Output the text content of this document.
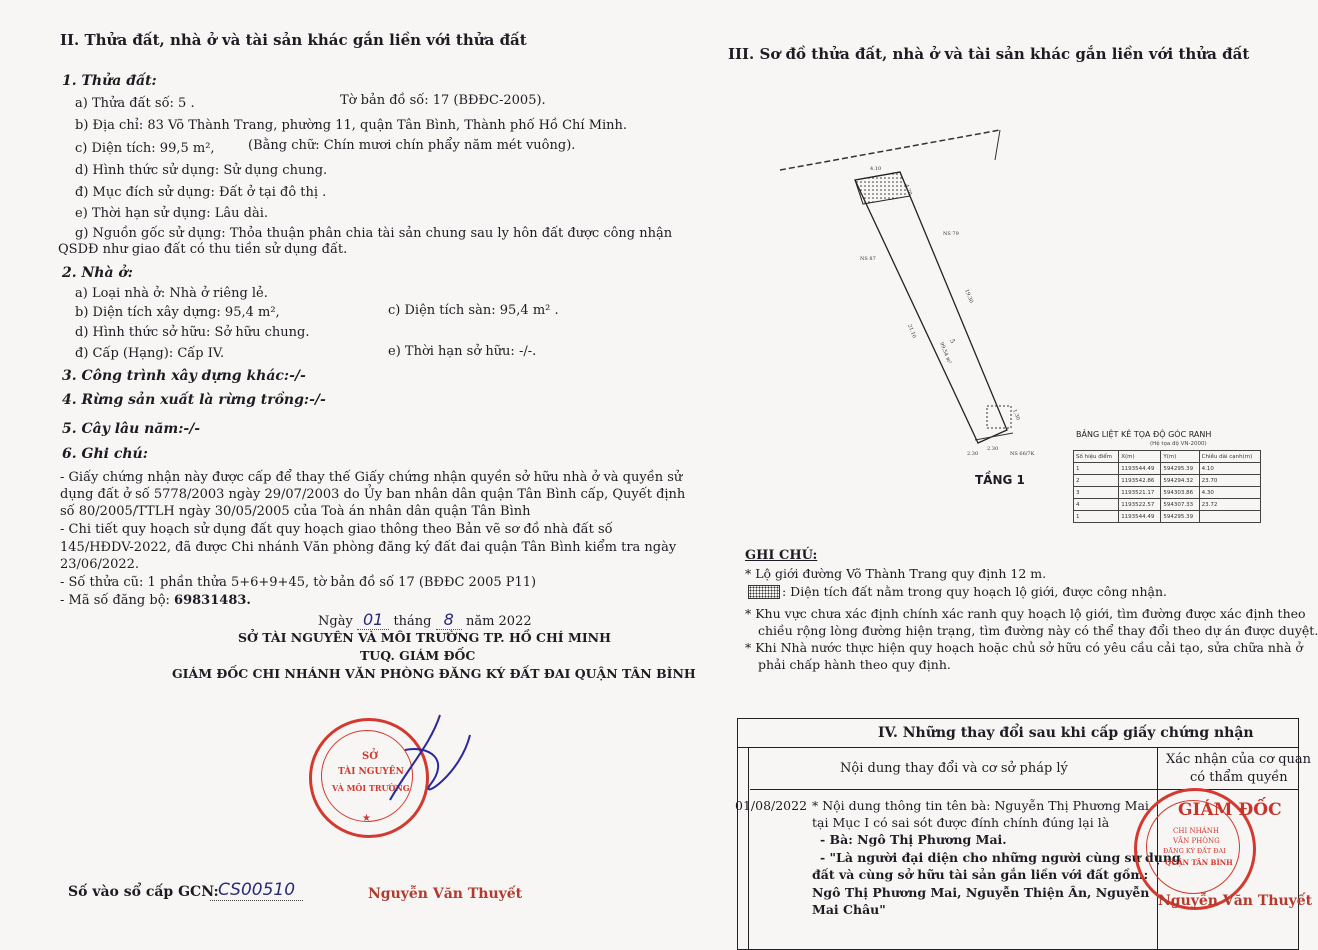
II. Thửa đất, nhà ở và tài sản khác gắn liền với thửa đất
1. Thửa đất:
a) Thửa đất số: 5 .	Tờ bản đồ số: 17 (BĐĐC-2005).
b) Địa chỉ: 83 Võ Thành Trang, phường 11, quận Tân Bình, Thành phố Hồ Chí Minh.
c) Diện tích: 99,5 m²,	(Bằng chữ: Chín mươi chín phẩy năm mét vuông).
d) Hình thức sử dụng: Sử dụng chung.
đ) Mục đích sử dụng: Đất ở tại đô thị .
e) Thời hạn sử dụng: Lâu dài.
g) Nguồn gốc sử dụng: Thỏa thuận phân chia tài sản chung sau ly hôn đất được công nhận
QSDĐ như giao đất có thu tiền sử dụng đất.
2. Nhà ở:
a) Loại nhà ở: Nhà ở riêng lẻ.
b) Diện tích xây dựng: 95,4 m²,	c) Diện tích sàn: 95,4 m² .
d) Hình thức sở hữu: Sở hữu chung.
đ) Cấp (Hạng): Cấp IV.	e) Thời hạn sở hữu: -/-.
3. Công trình xây dựng khác:-/-
4. Rừng sản xuất là rừng trồng:-/-
5. Cây lâu năm:-/-
6. Ghi chú:
- Giấy chứng nhận này được cấp để thay thế Giấy chứng nhận quyền sở hữu nhà ở và quyền sử
dụng đất ở số 5778/2003 ngày 29/07/2003 do Ủy ban nhân dân quận Tân Bình cấp, Quyết định
số 80/2005/TTLH ngày 30/05/2005 của Toà án nhân dân quận Tân Bình
- Chi tiết quy hoạch sử dụng đất quy hoạch giao thông theo Bản vẽ sơ đồ nhà đất số
145/HĐDV-2022, đã được Chi nhánh Văn phòng đăng ký đất đai quận Tân Bình kiểm tra ngày
23/06/2022.
- Số thửa cũ: 1 phần thửa 5+6+9+45, tờ bản đồ số 17 (BĐĐC 2005 P11)
- Mã số đăng bộ: 69831483.
Ngày 01 tháng 8 năm 2022
SỞ TÀI NGUYÊN VÀ MÔI TRƯỜNG TP. HỒ CHÍ MINH
TUQ. GIÁM ĐỐC
GIÁM ĐỐC CHI NHÁNH VĂN PHÒNG ĐĂNG KÝ ĐẤT ĐAI QUẬN TÂN BÌNH
SỞ
TÀI NGUYÊN
VÀ MÔI TRƯỜNG
★
Số vào sổ cấp GCN: CS00510	Nguyễn Văn Thuyết
III. Sơ đồ thửa đất, nhà ở và tài sản khác gắn liền với thửa đất
5
99,54 m²
4.10
4.20
2.30
2.30
19.30
21.10
1.30
NS 79
NS 87
NS 66/7K
TẦNG 1
BẢNG LIỆT KÊ TỌA ĐỘ GÓC RANH
(Hệ tọa độ VN-2000)
Số hiệu điểm	X(m)	Y(m)	Chiều dài cạnh(m)
1	1193544.49	594295.39	4.10
2	1193542.86	594294.32	23.70
3	1193521.17	594303.86	4.30
4	1193522.57	594307.33	23.72
1	1193544.49	594295.39	
GHI CHÚ:
* Lộ giới đường Võ Thành Trang quy định 12 m.
: Diện tích đất nằm trong quy hoạch lộ giới, được công nhận.
* Khu vực chưa xác định chính xác ranh quy hoạch lộ giới, tìm đường được xác định theo
chiều rộng lòng đường hiện trạng, tìm đường này có thể thay đổi theo dự án được duyệt.
* Khi Nhà nước thực hiện quy hoạch hoặc chủ sở hữu có yêu cầu cải tạo, sửa chữa nhà ở
phải chấp hành theo quy định.
IV. Những thay đổi sau khi cấp giấy chứng nhận
Nội dung thay đổi và cơ sở pháp lý
Xác nhận của cơ quan
có thẩm quyền
01/08/2022 * Nội dung thông tin tên bà: Nguyễn Thị Phương Mai
tại Mục I có sai sót được đính chính đúng lại là
- Bà: Ngô Thị Phương Mai.
- "Là người đại diện cho những người cùng sử dụng
đất và cùng sở hữu tài sản gắn liền với đất gồm:
Ngô Thị Phương Mai, Nguyễn Thiện Ân, Nguyễn
Mai Châu"
CHI NHÁNH
VĂN PHÒNG
ĐĂNG KÝ ĐẤT ĐAI
QUẬN TÂN BÌNH
GIÁM ĐỐC
Nguyễn Văn Thuyết
